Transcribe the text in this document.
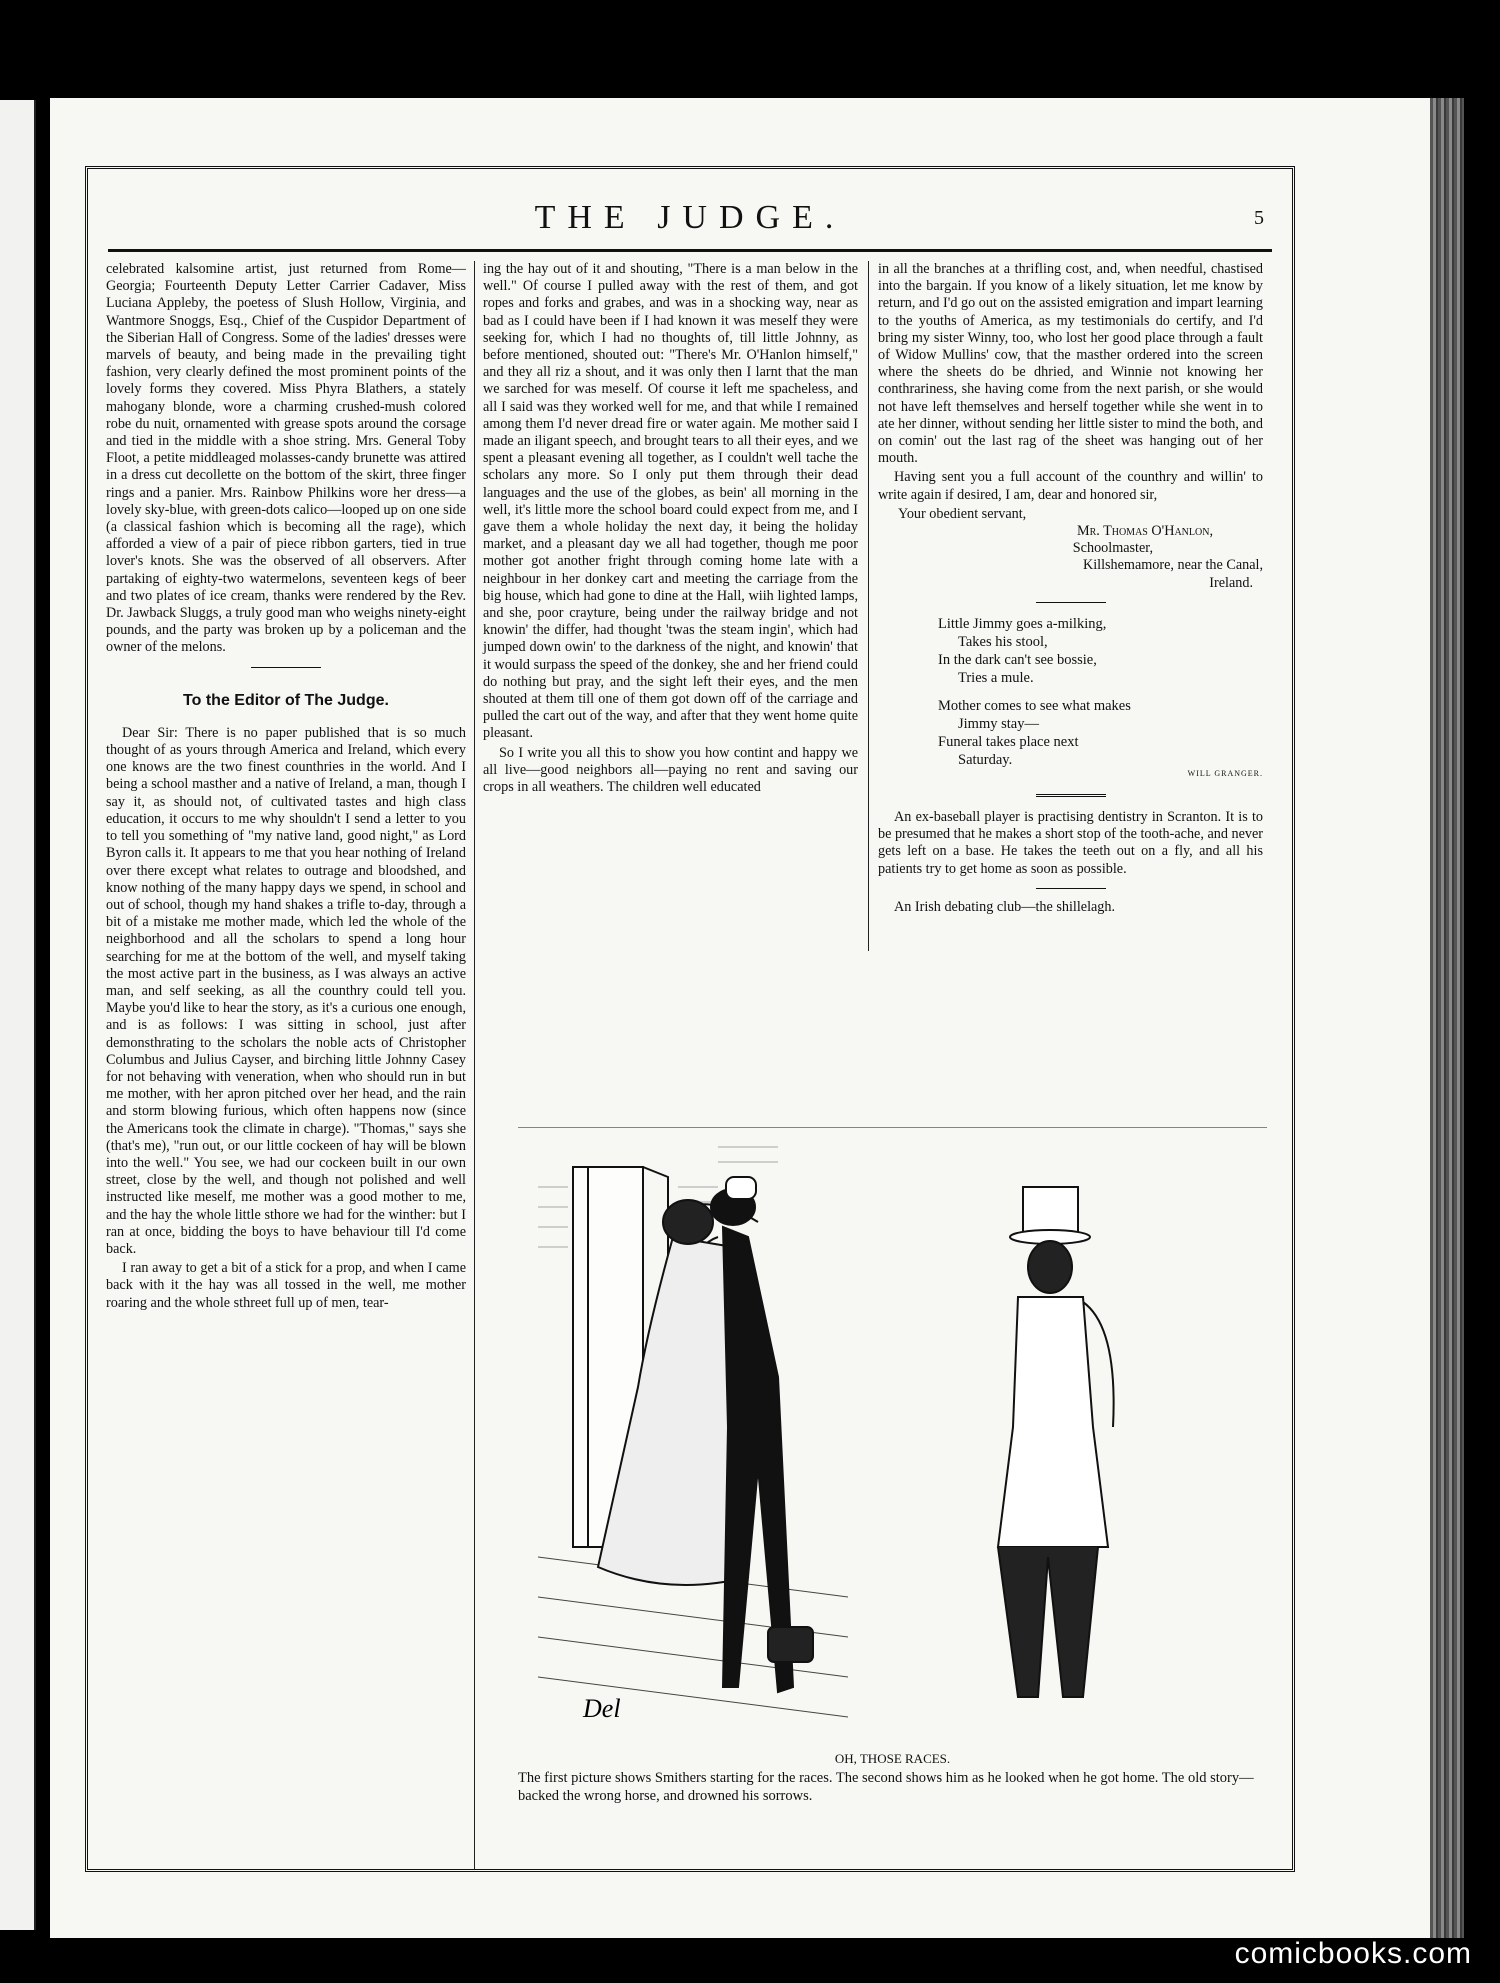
THE JUDGE.	5

celebrated kalsomine artist, just returned from Rome—Georgia; Fourteenth Deputy Letter Carrier Cadaver, Miss Luciana Appleby, the poetess of Slush Hollow, Virginia, and Wantmore Snoggs, Esq., Chief of the Cuspidor Department of the Siberian Hall of Congress. Some of the ladies' dresses were marvels of beauty, and being made in the prevailing tight fashion, very clearly defined the most prominent points of the lovely forms they covered. Miss Phyra Blathers, a stately mahogany blonde, wore a charming crushed-mush colored robe du nuit, ornamented with grease spots around the corsage and tied in the middle with a shoe string. Mrs. General Toby Floot, a petite middleaged molasses-candy brunette was attired in a dress cut decollette on the bottom of the skirt, three finger rings and a panier. Mrs. Rainbow Philkins wore her dress—a lovely sky-blue, with green-dots calico—looped up on one side (a classical fashion which is becoming all the rage), which afforded a view of a pair of piece ribbon garters, tied in true lover's knots. She was the observed of all observers. After partaking of eighty-two watermelons, seventeen kegs of beer and two plates of ice cream, thanks were rendered by the Rev. Dr. Jawback Sluggs, a truly good man who weighs ninety-eight pounds, and the party was broken up by a policeman and the owner of the melons.

To the Editor of The Judge.

Dear Sir: There is no paper published that is so much thought of as yours through America and Ireland, which every one knows are the two finest counthries in the world. And I being a school masther and a native of Ireland, a man, though I say it, as should not, of cultivated tastes and high class education, it occurs to me why shouldn't I send a letter to you to tell you something of "my native land, good night," as Lord Byron calls it. It appears to me that you hear nothing of Ireland over there except what relates to outrage and bloodshed, and know nothing of the many happy days we spend, in school and out of school, though my hand shakes a trifle to-day, through a bit of a mistake me mother made, which led the whole of the neighborhood and all the scholars to spend a long hour searching for me at the bottom of the well, and myself taking the most active part in the business, as I was always an active man, and self seeking, as all the counthry could tell you. Maybe you'd like to hear the story, as it's a curious one enough, and is as follows: I was sitting in school, just after demonsthrating to the scholars the noble acts of Christopher Columbus and Julius Cayser, and birching little Johnny Casey for not behaving with veneration, when who should run in but me mother, with her apron pitched over her head, and the rain and storm blowing furious, which often happens now (since the Americans took the climate in charge). "Thomas," says she (that's me), "run out, or our little cockeen of hay will be blown into the well." You see, we had our cockeen built in our own street, close by the well, and though not polished and well instructed like meself, me mother was a good mother to me, and the hay the whole little sthore we had for the winther: but I ran at once, bidding the boys to have behaviour till I'd come back.

I ran away to get a bit of a stick for a prop, and when I came back with it the hay was all tossed in the well, me mother roaring and the whole sthreet full up of men, tear-

ing the hay out of it and shouting, "There is a man below in the well." Of course I pulled away with the rest of them, and got ropes and forks and grabes, and was in a shocking way, near as bad as I could have been if I had known it was meself they were seeking for, which I had no thoughts of, till little Johnny, as before mentioned, shouted out: "There's Mr. O'Hanlon himself," and they all riz a shout, and it was only then I larnt that the man we sarched for was meself. Of course it left me spacheless, and all I said was they worked well for me, and that while I remained among them I'd never dread fire or water again. Me mother said I made an iligant speech, and brought tears to all their eyes, and we spent a pleasant evening all together, as I couldn't well tache the scholars any more. So I only put them through their dead languages and the use of the globes, as bein' all morning in the well, it's little more the school board could expect from me, and I gave them a whole holiday the next day, it being the holiday market, and a pleasant day we all had together, though me poor mother got another fright through coming home late with a neighbour in her donkey cart and meeting the carriage from the big house, which had gone to dine at the Hall, wiih lighted lamps, and she, poor crayture, being under the railway bridge and not knowin' the differ, had thought 'twas the steam ingin', which had jumped down owin' to the darkness of the night, and knowin' that it would surpass the speed of the donkey, she and her friend could do nothing but pray, and the sight left their eyes, and the men shouted at them till one of them got down off of the carriage and pulled the cart out of the way, and after that they went home quite pleasant.

So I write you all this to show you how contint and happy we all live—good neighbors all—paying no rent and saving our crops in all weathers. The children well educated

in all the branches at a thrifling cost, and, when needful, chastised into the bargain. If you know of a likely situation, let me know by return, and I'd go out on the assisted emigration and impart learning to the youths of America, as my testimonials do certify, and I'd bring my sister Winny, too, who lost her good place through a fault of Widow Mullins' cow, that the masther ordered into the screen where the sheets do be dhried, and Winnie not knowing her conthrariness, she having come from the next parish, or she would not have left themselves and herself together while she went in to ate her dinner, without sending her little sister to mind the both, and on comin' out the last rag of the sheet was hanging out of her mouth.

Having sent you a full account of the counthry and willin' to write again if desired, I am, dear and honored sir,

Your obedient servant,
Mr. Thomas O'Hanlon,
Schoolmaster,
Killshemamore, near the Canal,
Ireland.
Little Jimmy goes a-milking,
Takes his stool,
In the dark can't see bossie,
Tries a mule.
Mother comes to see what makes
Jimmy stay—
Funeral takes place next
Saturday.
WILL GRANGER.

An ex-baseball player is practising dentistry in Scranton. It is to be presumed that he makes a short stop of the tooth-ache, and never gets left on a base. He takes the teeth out on a fly, and all his patients try to get home as soon as possible.

An Irish debating club—the shillelagh.

Del
OH, THOSE RACES.
The first picture shows Smithers starting for the races. The second shows him as he looked when he got home. The old story—backed the wrong horse, and drowned his sorrows.
comicbooks.com
